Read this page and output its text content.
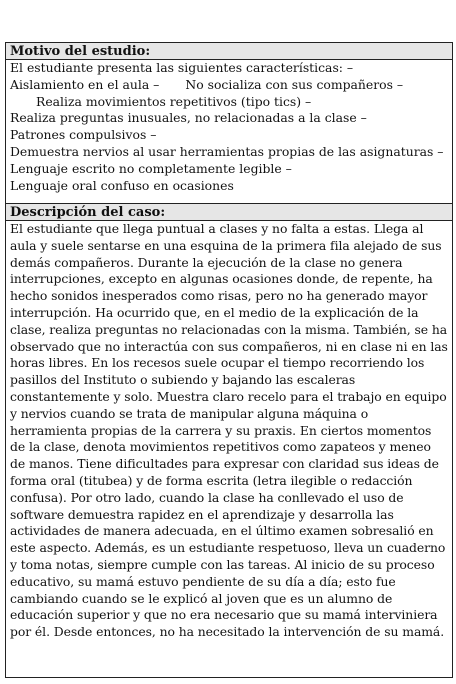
Motivo del estudio:
El estudiante presenta las siguientes características: –
Aislamiento en el aula – No socializa con sus compañeros –
Realiza movimientos repetitivos (tipo tics) –
Realiza preguntas inusuales, no relacionadas a la clase –
Patrones compulsivos –
Demuestra nervios al usar herramientas propias de las asignaturas –
Lenguaje escrito no completamente legible –
Lenguaje oral confuso en ocasiones
Descripción del caso:
El estudiante que llega puntual a clases y no falta a estas. Llega al aula y suele sentarse en una esquina de la primera fila alejado de sus demás compañeros. Durante la ejecución de la clase no genera interrupciones, excepto en algunas ocasiones donde, de repente, ha hecho sonidos inesperados como risas, pero no ha generado mayor interrupción. Ha ocurrido que, en el medio de la explicación de la clase, realiza preguntas no relacionadas con la misma. También, se ha observado que no interactúa con sus compañeros, ni en clase ni en las horas libres. En los recesos suele ocupar el tiempo recorriendo los pasillos del Instituto o subiendo y bajando las escaleras constantemente y solo. Muestra claro recelo para el trabajo en equipo y nervios cuando se trata de manipular alguna máquina o herramienta propias de la carrera y su praxis. En ciertos momentos de la clase, denota movimientos repetitivos como zapateos y meneo de manos. Tiene dificultades para expresar con claridad sus ideas de forma oral (titubea) y de forma escrita (letra ilegible o redacción confusa). Por otro lado, cuando la clase ha conllevado el uso de software demuestra rapidez en el aprendizaje y desarrolla las actividades de manera adecuada, en el último examen sobresalió en este aspecto. Además, es un estudiante respetuoso, lleva un cuaderno y toma notas, siempre cumple con las tareas. Al inicio de su proceso educativo, su mamá estuvo pendiente de su día a día; esto fue cambiando cuando se le explicó al joven que es un alumno de educación superior y que no era necesario que su mamá interviniera por él. Desde entonces, no ha necesitado la intervención de su mamá.
